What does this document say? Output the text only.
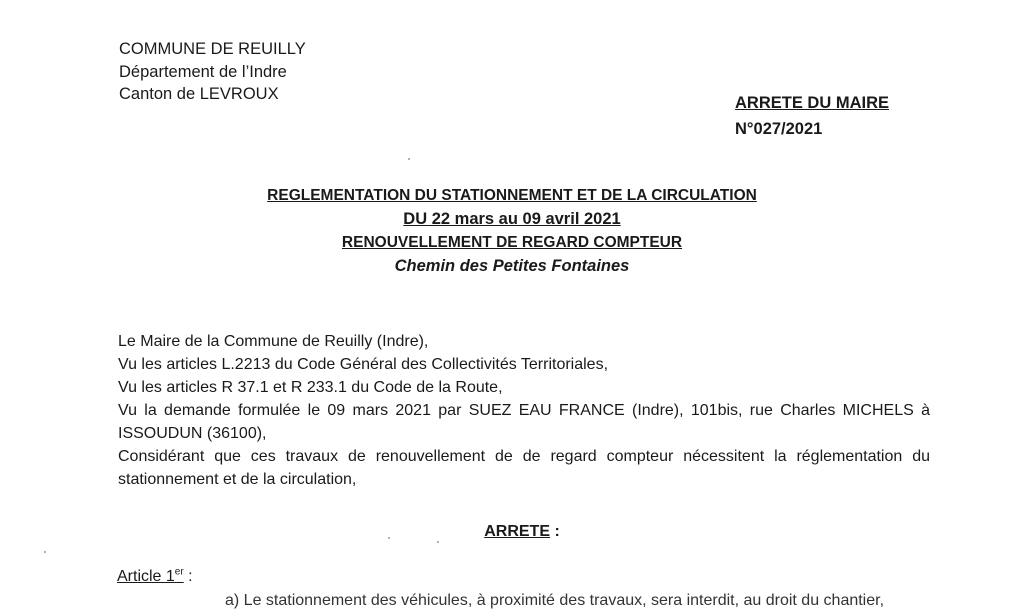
COMMUNE DE REUILLY
Département de l’Indre
Canton de LEVROUX	ARRETE DU MAIRE
N°027/2021
REGLEMENTATION DU STATIONNEMENT ET DE LA CIRCULATION
DU 22 mars au 09 avril 2021
RENOUVELLEMENT DE REGARD COMPTEUR
Chemin des Petites Fontaines

Le Maire de la Commune de Reuilly (Indre),

Vu les articles L.2213 du Code Général des Collectivités Territoriales,

Vu les articles R 37.1 et R 233.1 du Code de la Route,

Vu la demande formulée le 09 mars 2021 par SUEZ EAU FRANCE (Indre), 101bis, rue Charles MICHELS à ISSOUDUN (36100),

Considérant que ces travaux de renouvellement de de regard compteur nécessitent la réglementation du stationnement et de la circulation,

ARRETE :
Article 1er :
a) Le stationnement des véhicules, à proximité des travaux, sera interdit, au droit du chantier,
